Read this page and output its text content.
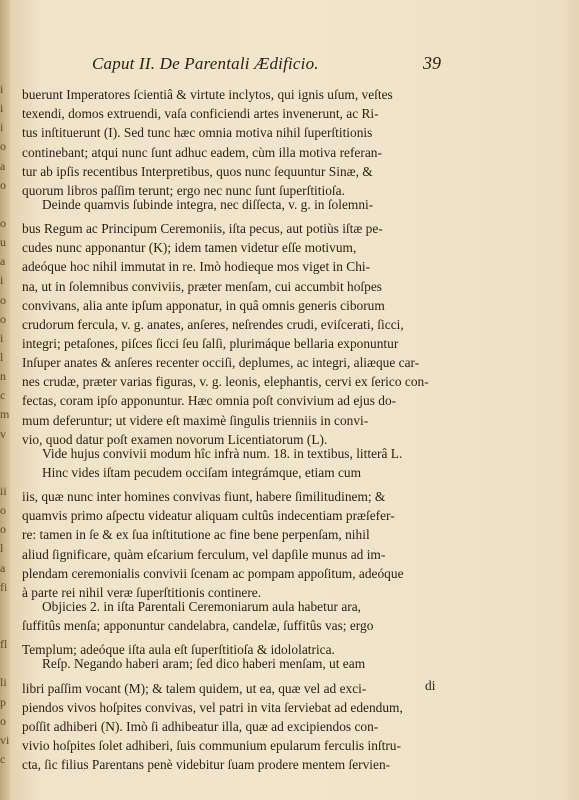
Caput II. De Parentali Ædificio.	39
i buerunt Imperatores ſcientiâ & virtute inclytos, qui ignis uſum, veſtes
i texendi, domos extruendi, vaſa conficiendi artes invenerunt, ac Ri-
i tus inſtituerunt (I). Sed tunc hæc omnia motiva nihil ſuperſtitionis
o continebant; atqui nunc ſunt adhuc eadem, cùm illa motiva referan-
a tur ab ipſis recentibus Interpretibus, quos nunc ſequuntur Sinæ, &
o quorum libros paſſim terunt; ergo nec nunc ſunt ſuperſtitioſa.
Deinde quamvis ſubinde integra, nec diſſecta, v. g. in ſolemni-
o bus Regum ac Principum Ceremoniis, iſta pecus, aut potiùs iſtæ pe-
u cudes nunc apponantur (K); idem tamen videtur eſſe motivum,
a adeóque hoc nihil immutat in re. Imò hodieque mos viget in Chi-
i na, ut in ſolemnibus conviviis, præter menſam, cui accumbit hoſpes
o convivans, alia ante ipſum apponatur, in quâ omnis generis ciborum
o crudorum fercula, v. g. anates, anſeres, neſrendes crudi, eviſcerati, ſicci,
i integri; petaſones, piſces ſicci ſeu ſalſi, plurimáque bellaria exponuntur
l Inſuper anates & anſeres recenter occiſi, deplumes, ac integri, aliæque car-
n nes crudæ, præter varias figuras, v. g. leonis, elephantis, cervi ex ſerico con-
c fectas, coram ipſo apponuntur. Hæc omnia poſt convivium ad ejus do-
m mum deferuntur; ut videre eſt maximè ſingulis trienniis in convi-
v vio, quod datur poſt examen novorum Licentiatorum (L).
Vide hujus convivii modum hîc infrà num. 18. in textibus, litterâ L.
Hinc vides iſtam pecudem occiſam integrámque, etiam cum
ii iis, quæ nunc inter homines convivas fiunt, habere ſimilitudinem; &
o quamvis primo aſpectu videatur aliquam cultûs indecentiam præſefer-
o re: tamen in ſe & ex ſua inſtitutione ac fine bene perpenſam, nihil
l aliud ſignificare, quàm eſcarium ferculum, vel dapſile munus ad im-
a plendam ceremonialis convivii ſcenam ac pompam appoſitum, adeóque
fi à parte rei nihil veræ ſuperſtitionis continere.
Objicies 2. in iſta Parentali Ceremoniarum aula habetur ara,
ſuffitûs menſa; apponuntur candelabra, candelæ, ſuffitûs vas; ergo
fl Templum; adeóque iſta aula eſt ſuperſtitioſa & idololatrica.
Reſp. Negando haberi aram; ſed dico haberi menſam, ut eam
li libri paſſim vocant (M); & talem quidem, ut ea, quæ vel ad exci-
p piendos vivos hoſpites convivas, vel patri in vita ſerviebat ad edendum,
o poſſit adhiberi (N). Imò ſi adhibeatur illa, quæ ad excipiendos con-
vi vivio hoſpites ſolet adhiberi, ſuis communium epularum ferculis inſtru-
c cta, ſic filius Parentans penè videbitur ſuam prodere mentem ſervien-
di
